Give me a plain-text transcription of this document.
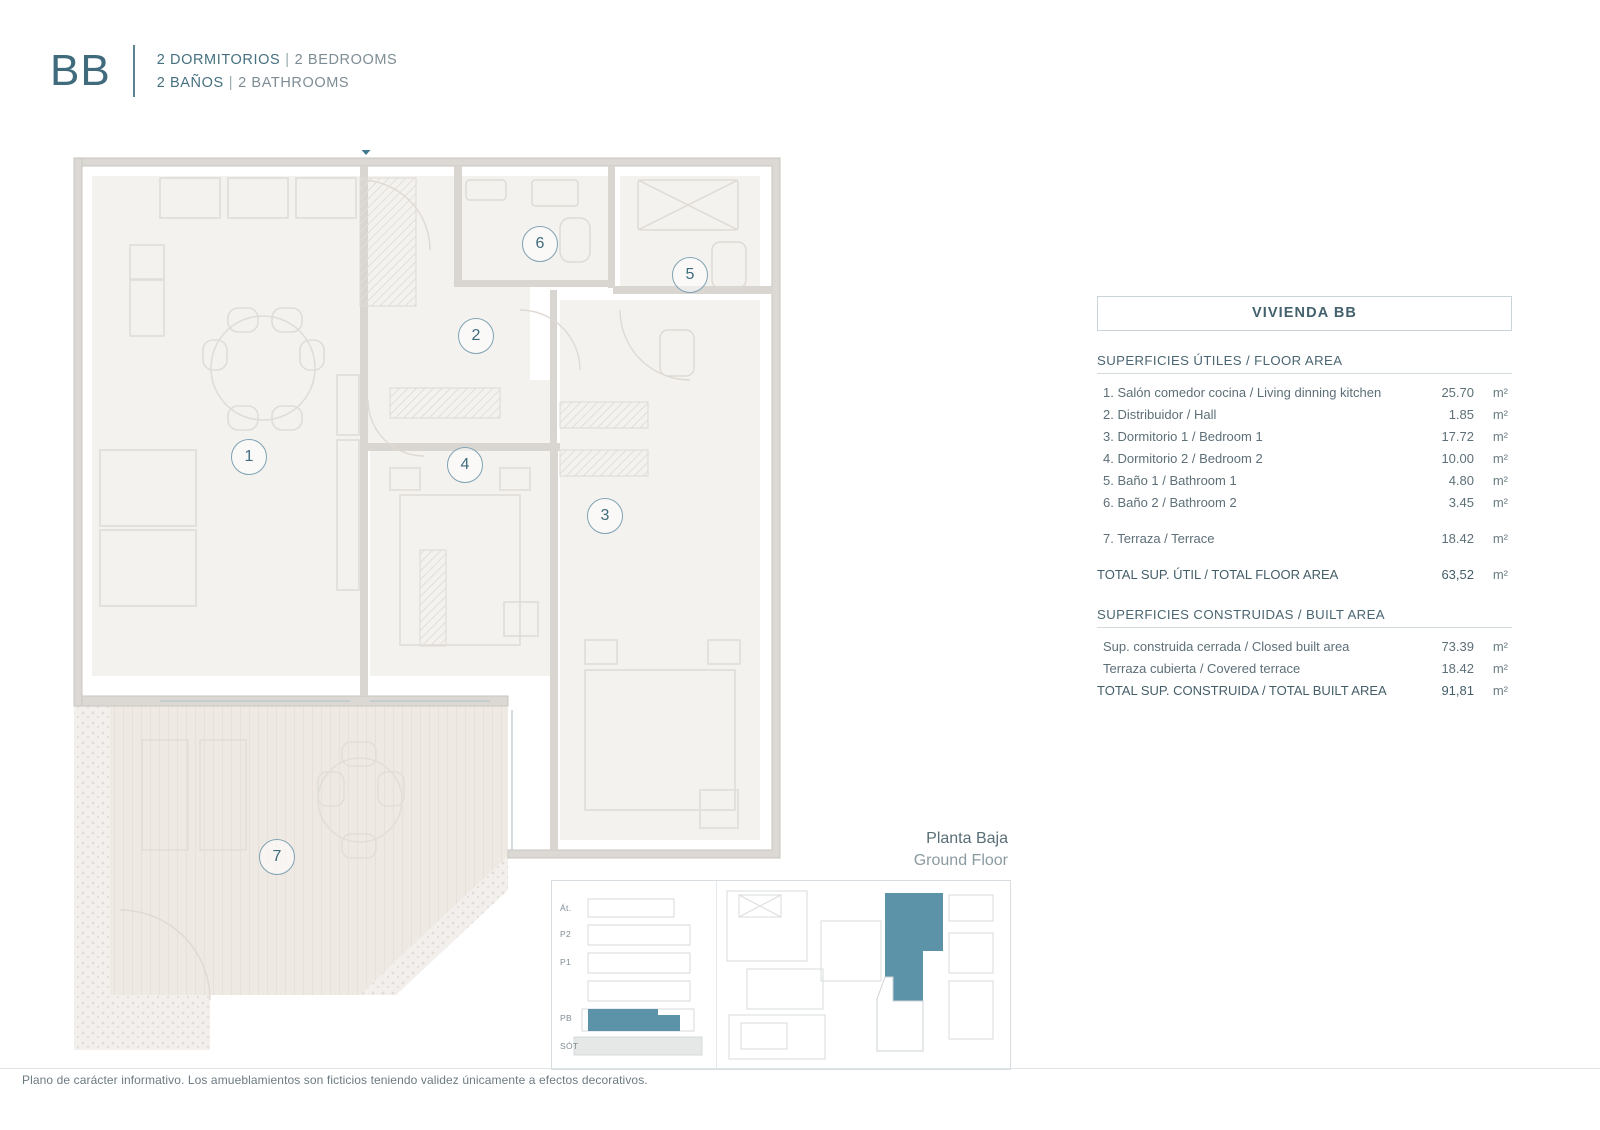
BB	2 DORMITORIOS | 2 BEDROOMS
2 BAÑOS | 2 BATHROOMS
1
2
3
4
5
6
7
VIVIENDA BB
SUPERFICIES ÚTILES / FLOOR AREA
1. Salón comedor cocina / Living dinning kitchen	25.70	m²
2. Distribuidor / Hall	1.85	m²
3. Dormitorio 1 / Bedroom 1	17.72	m²
4. Dormitorio 2 / Bedroom 2	10.00	m²
5. Baño 1 / Bathroom 1	4.80	m²
6. Baño 2 / Bathroom 2	3.45	m²
7. Terraza / Terrace	18.42	m²
TOTAL SUP. ÚTIL / TOTAL FLOOR AREA	63,52	m²
SUPERFICIES CONSTRUIDAS / BUILT AREA
Sup. construida cerrada / Closed built area	73.39	m²
Terraza cubierta / Covered terrace	18.42	m²
TOTAL SUP. CONSTRUIDA / TOTAL BUILT AREA	91,81	m²
Planta Baja
Ground Floor
Át.
P2
P1
PB
SÓT
Plano de carácter informativo. Los amueblamientos son ficticios teniendo validez únicamente a efectos decorativos.
